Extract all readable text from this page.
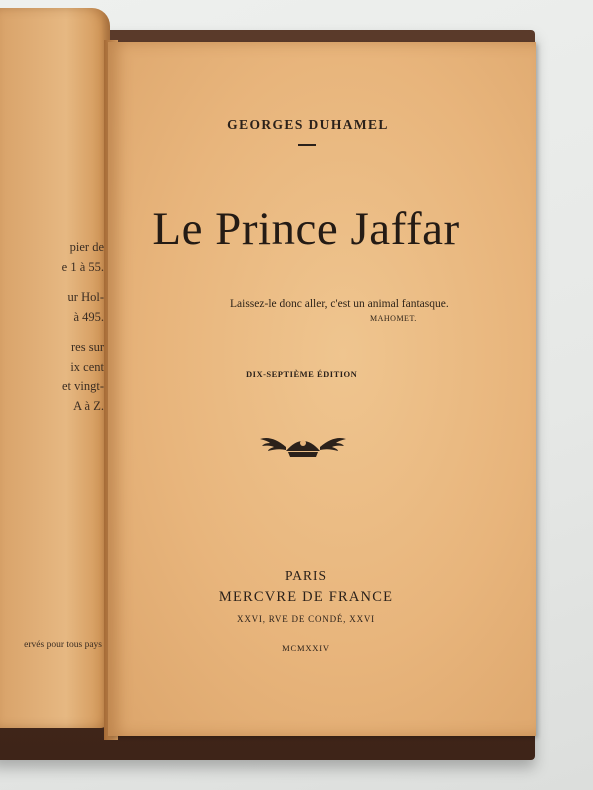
pier de
e 1 à 55.
ur Hol-
à 495.
res sur
ix cent
et vingt-
A à Z.
ervés pour tous pays
GEORGES DUHAMEL
Le Prince Jaffar
Laissez-le donc aller, c'est un animal fantasque.
MAHOMET.
DIX-SEPTIÈME ÉDITION
PARIS
MERCVRE DE FRANCE
XXVI, RVE DE CONDÉ, XXVI
MCMXXIV
